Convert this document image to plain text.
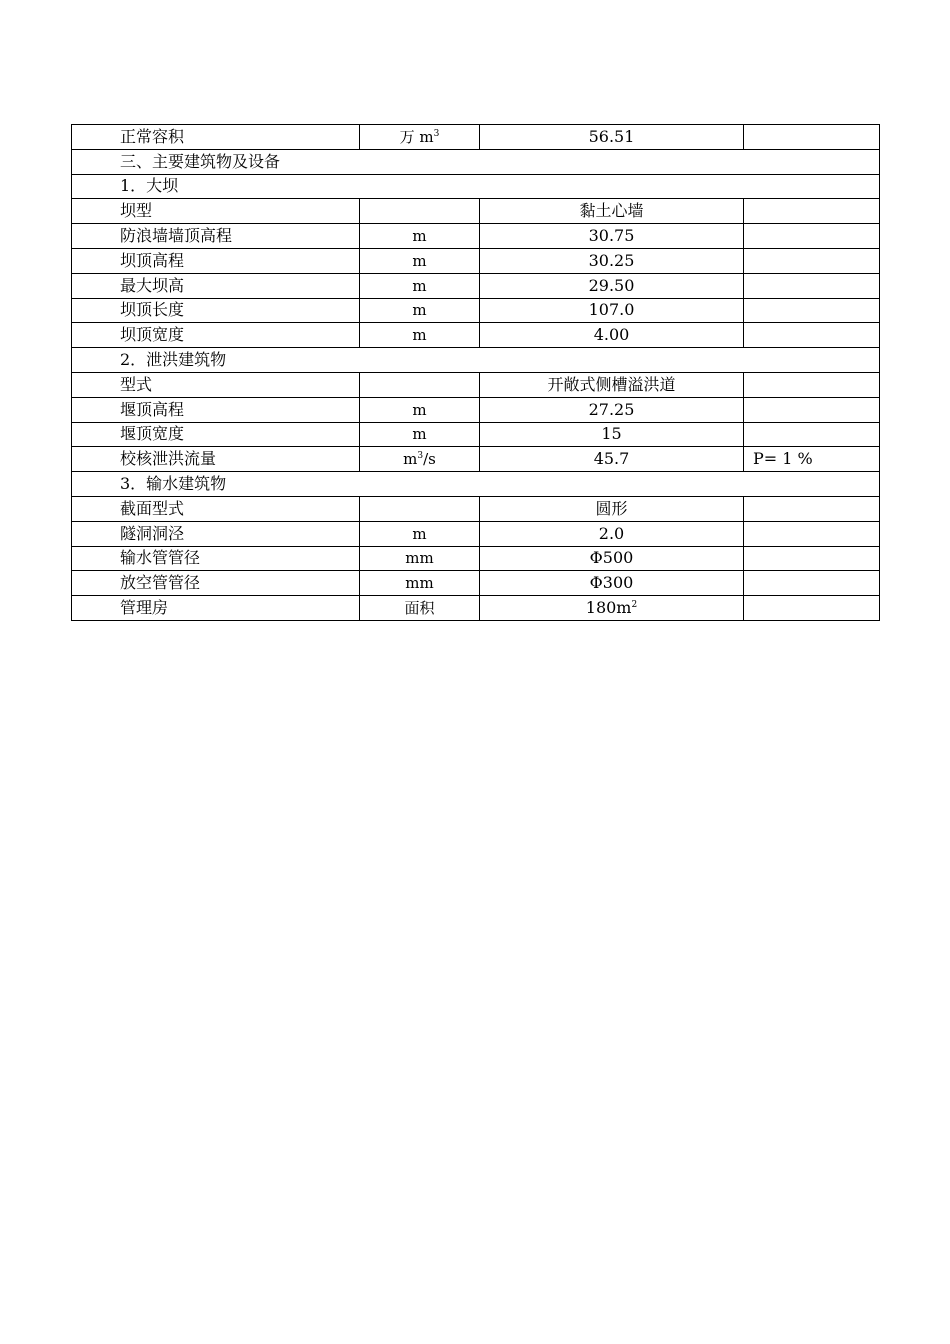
正常容积	万 $m^3$	56.51	
三、主要建筑物及设备			
1．大坝			
坝型		黏土心墙	
防浪墙墙顶高程	m	30.75	
坝顶高程	m	30.25	
最大坝高	m	29.50	
坝顶长度	m	107.0	
坝顶宽度	m	4.00	
2．泄洪建筑物			
型式		开敞式侧槽溢洪道	
堰顶高程	m	27.25	
堰顶宽度	m	15	
校核泄洪流量	$m^3/s$	45.7	P= 1 %
3．输水建筑物			
截面型式		圆形	
隧洞洞泾	m	2.0	
输水管管径	mm	Φ500	
放空管管径	mm	Φ300	
管理房	面积	$180m^2$	
